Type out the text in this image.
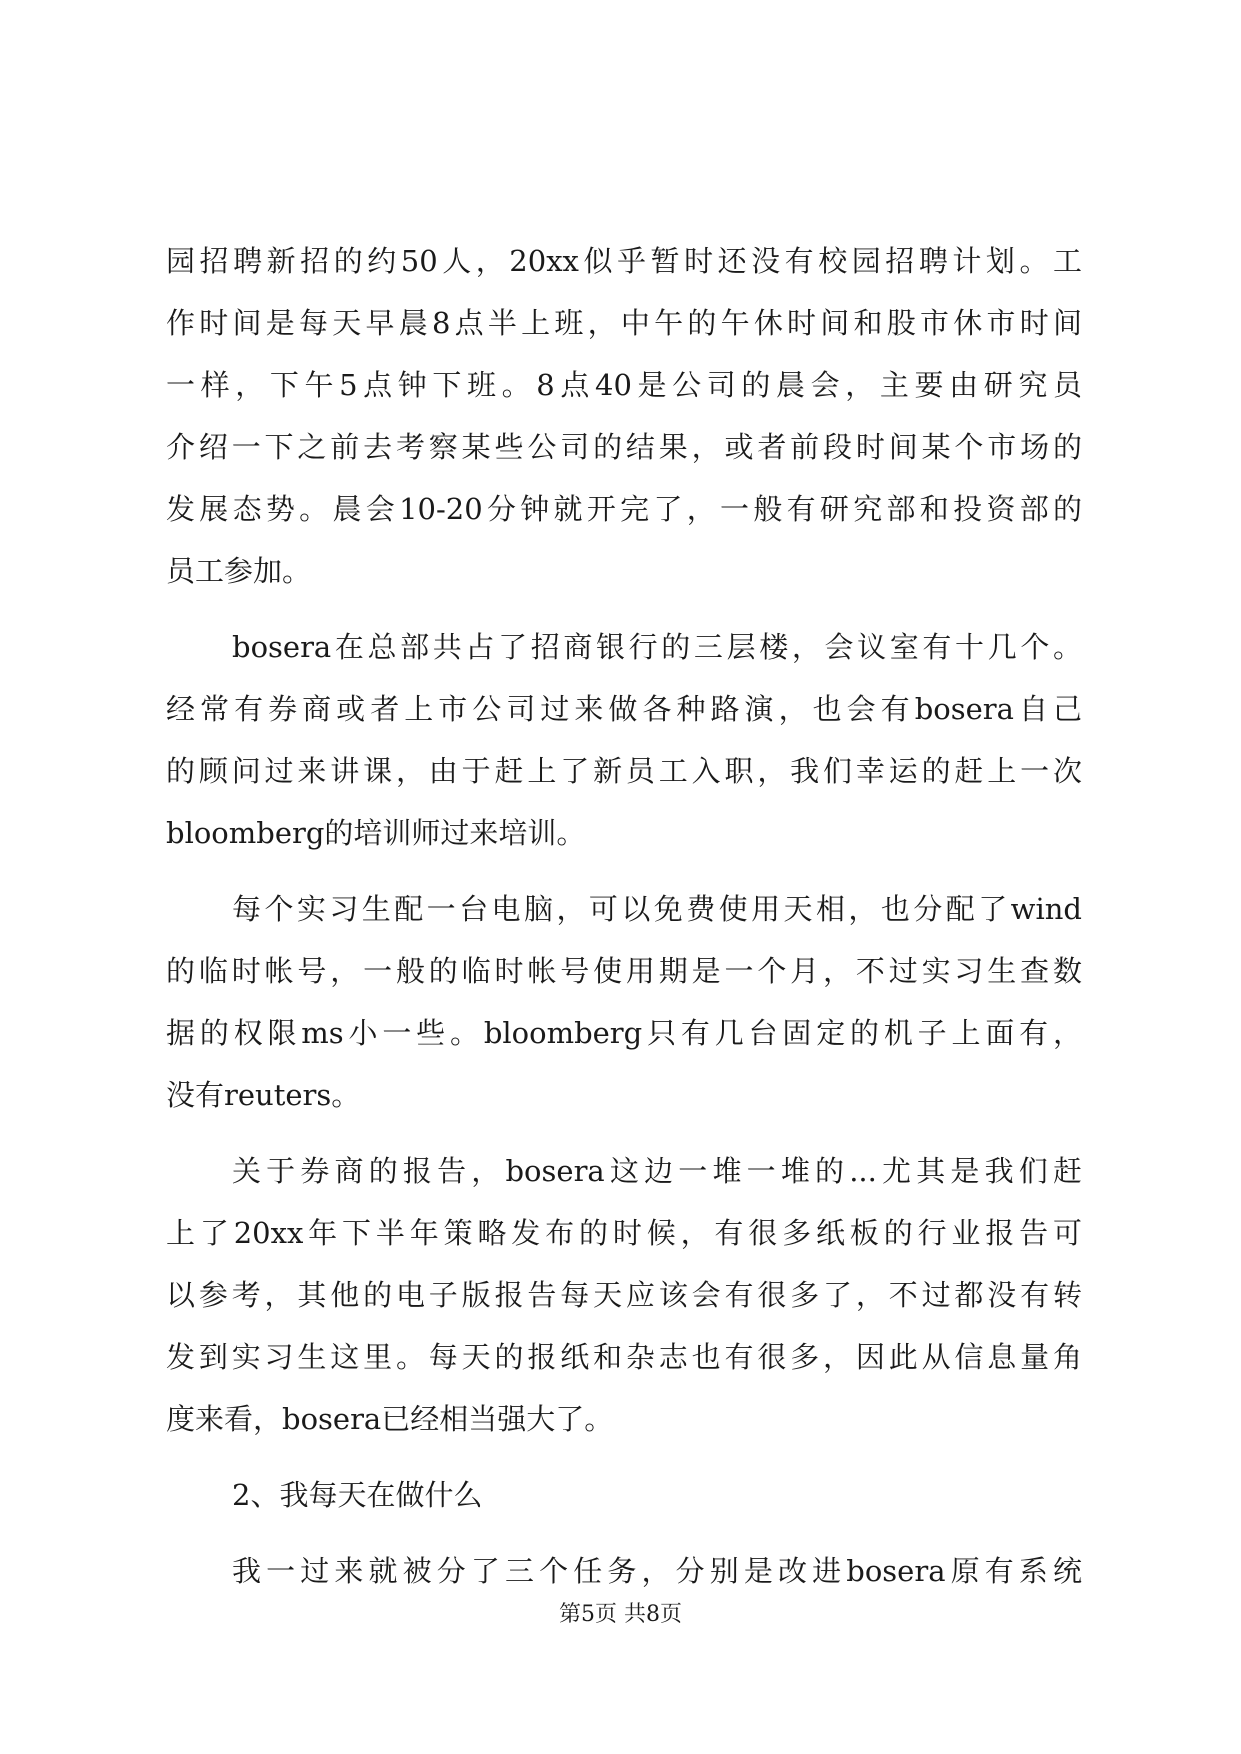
园招聘新招的约50人，20xx似乎暂时还没有校园招聘计划。工
作时间是每天早晨8点半上班，中午的午休时间和股市休市时间
一样，下午5点钟下班。8点40是公司的晨会，主要由研究员
介绍一下之前去考察某些公司的结果，或者前段时间某个市场的
发展态势。晨会10-20分钟就开完了，一般有研究部和投资部的
员工参加。
bosera在总部共占了招商银行的三层楼，会议室有十几个。
经常有券商或者上市公司过来做各种路演，也会有bosera自己
的顾问过来讲课，由于赶上了新员工入职，我们幸运的赶上一次
bloomberg的培训师过来培训。
每个实习生配一台电脑，可以免费使用天相，也分配了wind
的临时帐号，一般的临时帐号使用期是一个月，不过实习生查数
据的权限ms小一些。bloomberg只有几台固定的机子上面有，
没有reuters。
关于券商的报告，bosera这边一堆一堆的...尤其是我们赶
上了20xx年下半年策略发布的时候，有很多纸板的行业报告可
以参考，其他的电子版报告每天应该会有很多了，不过都没有转
发到实习生这里。每天的报纸和杂志也有很多，因此从信息量角
度来看，bosera已经相当强大了。
2、我每天在做什么
我一过来就被分了三个任务，分别是改进bosera原有系统
第5页 共8页
